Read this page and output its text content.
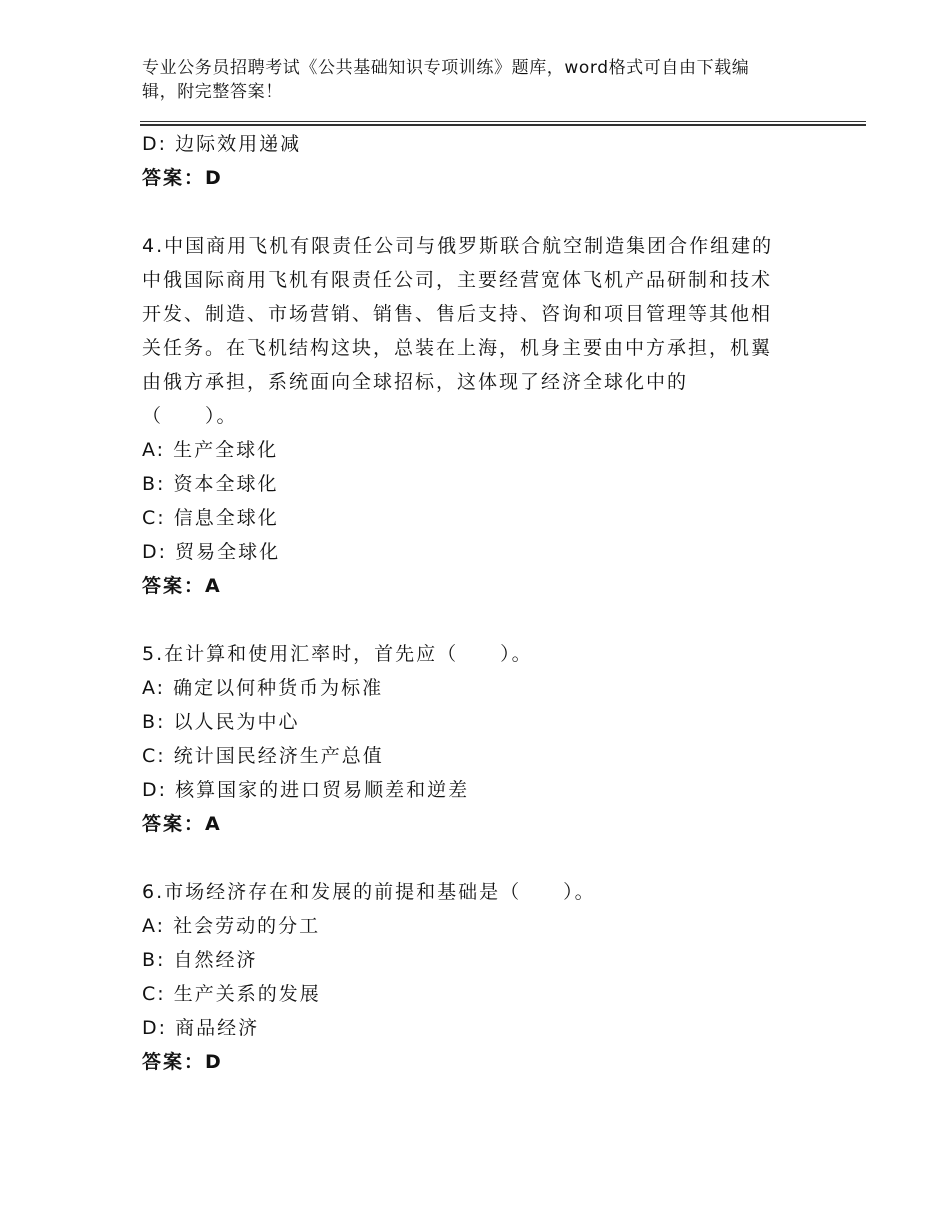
专业公务员招聘考试《公共基础知识专项训练》题库，word格式可自由下载编
辑，附完整答案！
D: 边际效用递减
答案：D
4.中国商用飞机有限责任公司与俄罗斯联合航空制造集团合作组建的
中俄国际商用飞机有限责任公司，主要经营宽体飞机产品研制和技术
开发、制造、市场营销、销售、售后支持、咨询和项目管理等其他相
关任务。在飞机结构这块，总装在上海，机身主要由中方承担，机翼
由俄方承担，系统面向全球招标，这体现了经济全球化中的
（　　）。
A: 生产全球化
B: 资本全球化
C: 信息全球化
D: 贸易全球化
答案：A
5.在计算和使用汇率时，首先应（　　）。
A: 确定以何种货币为标准
B: 以人民为中心
C: 统计国民经济生产总值
D: 核算国家的进口贸易顺差和逆差
答案：A
6.市场经济存在和发展的前提和基础是（　　）。
A: 社会劳动的分工
B: 自然经济
C: 生产关系的发展
D: 商品经济
答案：D
